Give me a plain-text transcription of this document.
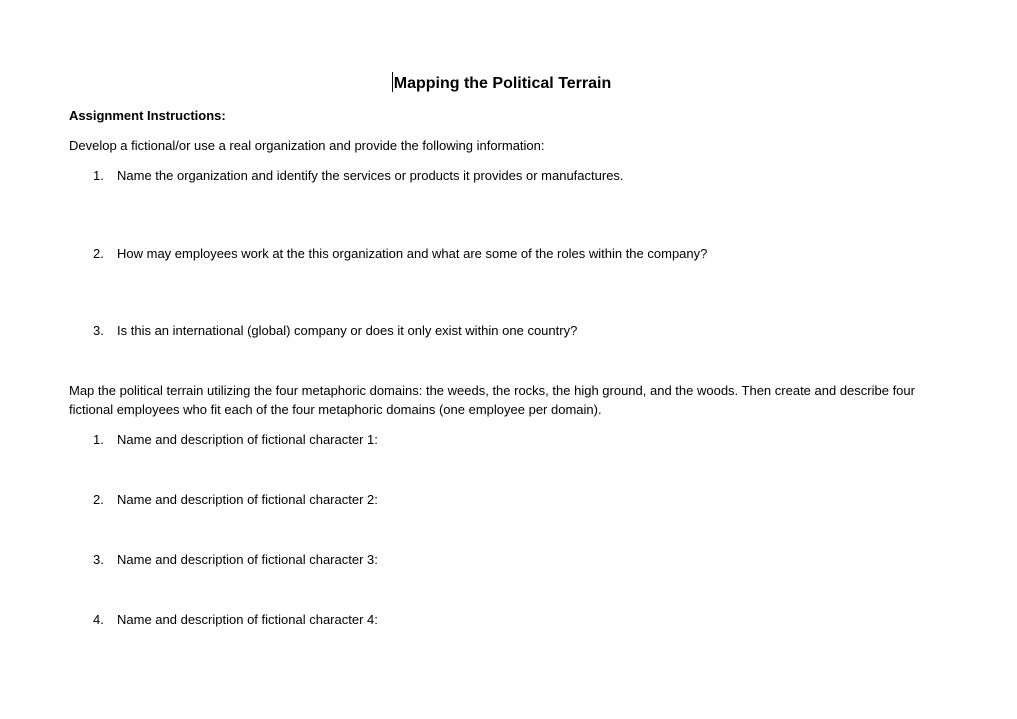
Mapping the Political Terrain
Assignment Instructions:
Develop a fictional/or use a real organization and provide the following information:
1. Name the organization and identify the services or products it provides or manufactures.
2. How may employees work at the this organization and what are some of the roles within the company?
3. Is this an international (global) company or does it only exist within one country?
Map the political terrain utilizing the four metaphoric domains: the weeds, the rocks, the high ground, and the woods. Then create and describe four fictional employees who fit each of the four metaphoric domains (one employee per domain).
1. Name and description of fictional character 1:
2. Name and description of fictional character 2:
3. Name and description of fictional character 3:
4. Name and description of fictional character 4:
